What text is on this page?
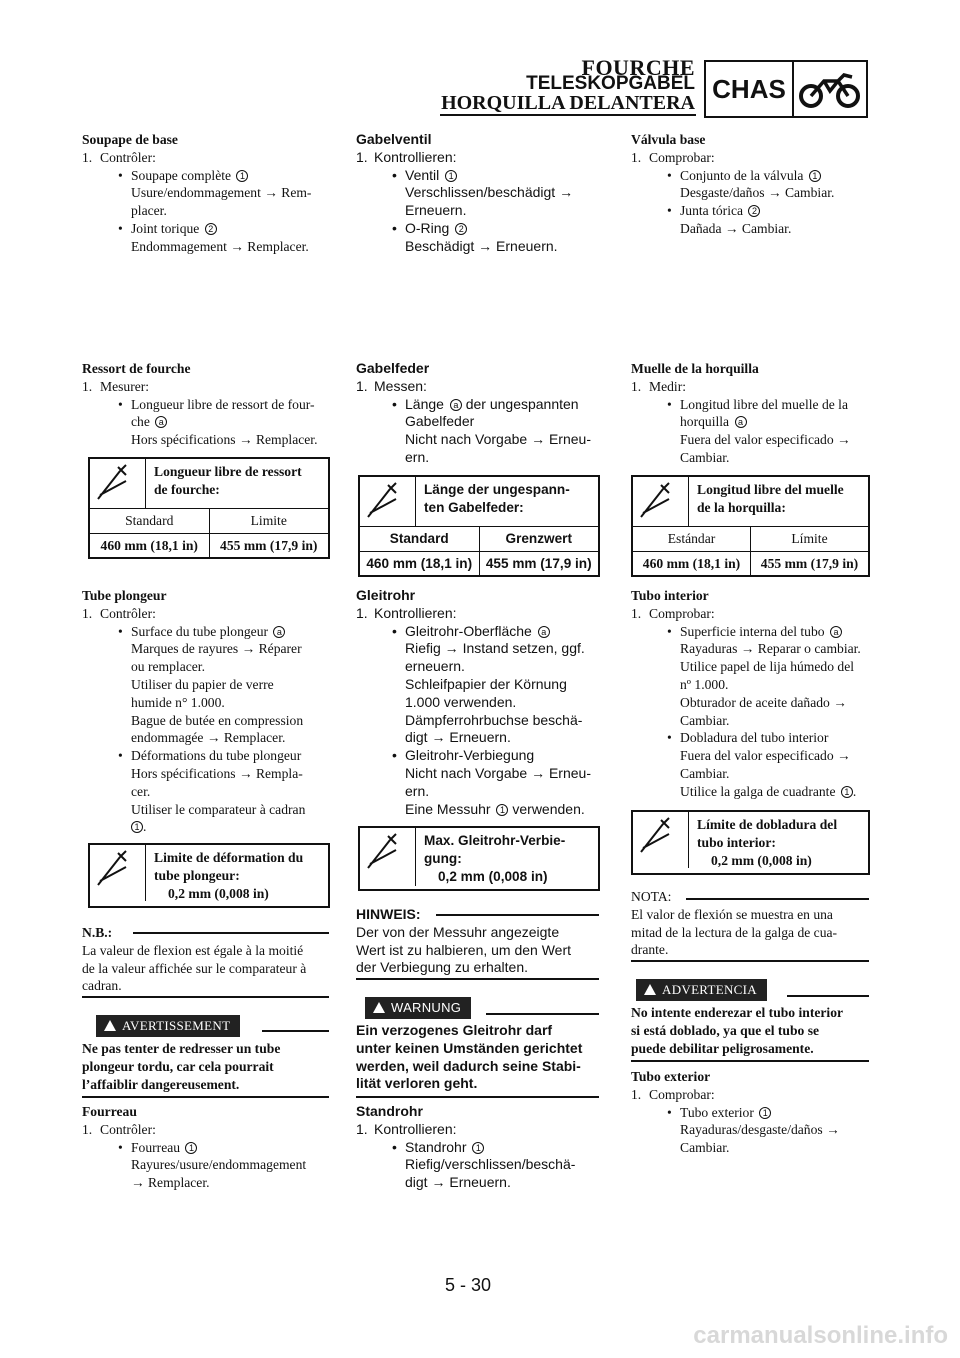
FOURCHE
TELESKOPGABEL
HORQUILLA DELANTERA CHAS
Soupape de base
1. Contrôler:
• Soupape complète 1
Usure/endommagement → Rem-
placer.
• Joint torique 2
Endommagement → Remplacer.
Ressort de fourche
1. Mesurer:
• Longueur libre de ressort de four-
che a
Hors spécifications → Remplacer.
Longueur libre de ressort
de fourche:
Standard	Limite
460 mm (18,1 in)	455 mm (17,9 in)
Tube plongeur
1. Contrôler:
• Surface du tube plongeur a
Marques de rayures → Réparer
ou remplacer.
Utiliser du papier de verre
humide n° 1.000.
Bague de butée en compression
endommagée → Remplacer.
• Déformations du tube plongeur
Hors spécifications → Rempla-
cer.
Utiliser le comparateur à cadran
1 .
Limite de déformation du
tube plongeur:
0,2 mm (0,008 in)
N.B.:
La valeur de flexion est égale à la moitié
de la valeur affichée sur le comparateur à
cadran.
AVERTISSEMENT
Ne pas tenter de redresser un tube
plongeur tordu, car cela pourrait
l’affaiblir dangereusement.
Fourreau
1. Contrôler:
• Fourreau 1
Rayures/usure/endommagement
→ Remplacer.
Gabelventil
1. Kontrollieren:
• Ventil 1
Verschlissen/beschädigt →
Erneuern.
• O-Ring 2
Beschädigt → Erneuern.
Gabelfeder
1. Messen:
• Länge a der ungespannten
Gabelfeder
Nicht nach Vorgabe → Erneu-
ern.
Länge der ungespann-
ten Gabelfeder:
Standard	Grenzwert
460 mm (18,1 in)	455 mm (17,9 in)
Gleitrohr
1. Kontrollieren:
• Gleitrohr-Oberfläche a
Riefig → Instand setzen, ggf.
erneuern.
Schleifpapier der Körnung
1.000 verwenden.
Dämpferrohrbuchse beschä-
digt → Erneuern.
• Gleitrohr-Verbiegung
Nicht nach Vorgabe → Erneu-
ern.
Eine Messuhr 1 verwenden.
Max. Gleitrohr-Verbie-
gung:
0,2 mm (0,008 in)
HINWEIS:
Der von der Messuhr angezeigte
Wert ist zu halbieren, um den Wert
der Verbiegung zu erhalten.
WARNUNG
Ein verzogenes Gleitrohr darf
unter keinen Umständen gerichtet
werden, weil dadurch seine Stabi-
lität verloren geht.
Standrohr
1. Kontrollieren:
• Standrohr 1
Riefig/verschlissen/beschä-
digt → Erneuern.
Válvula base
1. Comprobar:
• Conjunto de la válvula 1
Desgaste/daños → Cambiar.
• Junta tórica 2
Dañada → Cambiar.
Muelle de la horquilla
1. Medir:
• Longitud libre del muelle de la
horquilla a
Fuera del valor especificado →
Cambiar.
Longitud libre del muelle
de la horquilla:
Estándar	Límite
460 mm (18,1 in)	455 mm (17,9 in)
Tubo interior
1. Comprobar:
• Superficie interna del tubo a
Rayaduras → Reparar o cambiar.
Utilice papel de lija húmedo del
nº 1.000.
Obturador de aceite dañado →
Cambiar.
• Dobladura del tubo interior
Fuera del valor especificado →
Cambiar.
Utilice la galga de cuadrante 1 .
Límite de dobladura del
tubo interior:
0,2 mm (0,008 in)
NOTA:
El valor de flexión se muestra en una
mitad de la lectura de la galga de cua-
drante.
ADVERTENCIA
No intente enderezar el tubo interior
si está doblado, ya que el tubo se
puede debilitar peligrosamente.
Tubo exterior
1. Comprobar:
• Tubo exterior 1
Rayaduras/desgaste/daños →
Cambiar.
5 - 30
carmanualsonline.info
